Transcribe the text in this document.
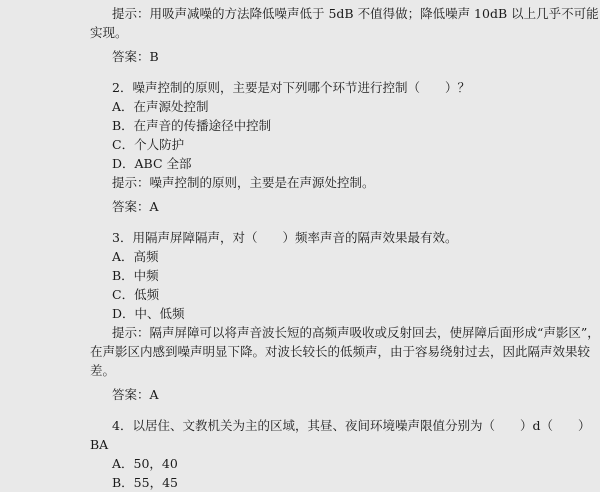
提示：用吸声减噪的方法降低噪声低于 5dB 不值得做；降低噪声 10dB 以上几乎不可能
实现。
答案：B
2．噪声控制的原则，主要是对下列哪个环节进行控制（　　）？
A．在声源处控制
B．在声音的传播途径中控制
C．个人防护
D．ABC 全部
提示：噪声控制的原则，主要是在声源处控制。
答案：A
3．用隔声屏障隔声，对（　　）频率声音的隔声效果最有效。
A．高频
B．中频
C．低频
D．中、低频
提示：隔声屏障可以将声音波长短的高频声吸收或反射回去，使屏障后面形成“声影区”，
在声影区内感到噪声明显下降。对波长较长的低频声，由于容易绕射过去，因此隔声效果较
差。
答案：A
4．以居住、文教机关为主的区域，其昼、夜间环境噪声限值分别为（　　）d（　　）
BA
A．50，40
B．55，45
